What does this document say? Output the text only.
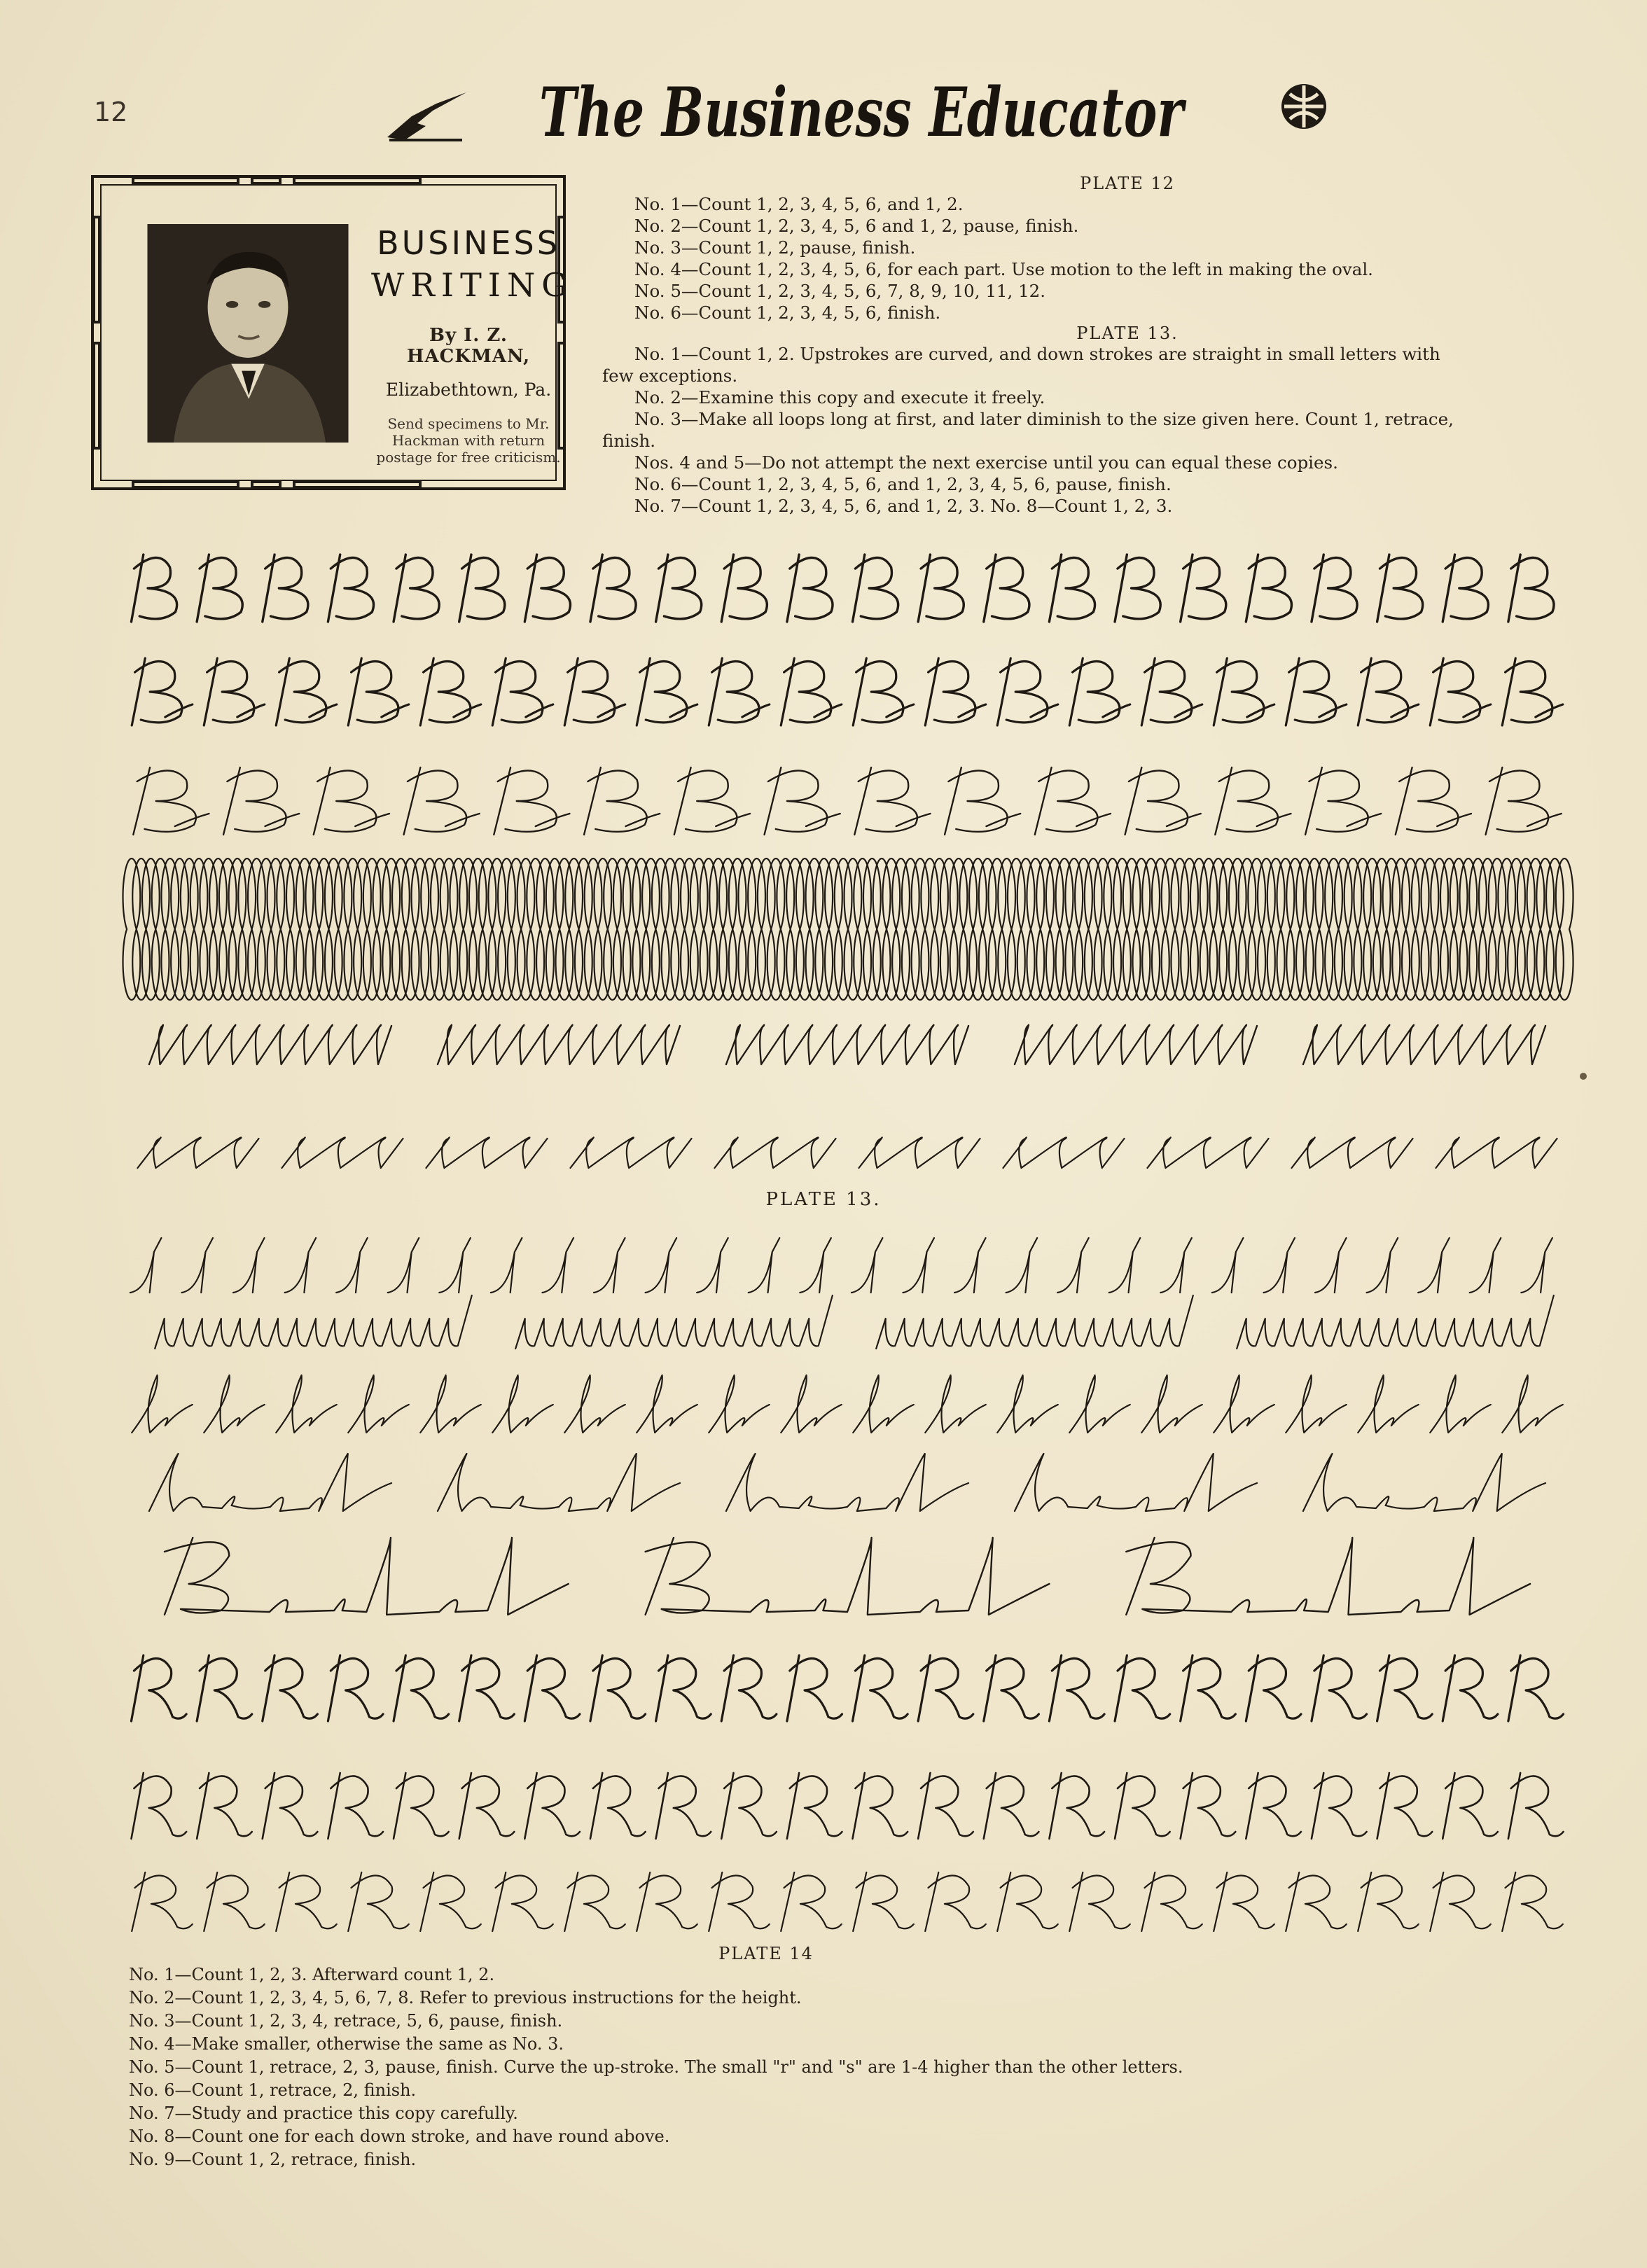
12	The Business Educator
BUSINESS
WRITING
By I. Z. HACKMAN,
Elizabethtown, Pa.
Send specimens to Mr. Hackman with return postage for free criticism.
PLATE 12
No. 1—Count 1, 2, 3, 4, 5, 6, and 1, 2.
No. 2—Count 1, 2, 3, 4, 5, 6 and 1, 2, pause, finish.
No. 3—Count 1, 2, pause, finish.
No. 4—Count 1, 2, 3, 4, 5, 6, for each part. Use motion to the left in making the oval.
No. 5—Count 1, 2, 3, 4, 5, 6, 7, 8, 9, 10, 11, 12.
No. 6—Count 1, 2, 3, 4, 5, 6, finish.
PLATE 13.
No. 1—Count 1, 2. Upstrokes are curved, and down strokes are straight in small letters with
few exceptions.
No. 2—Examine this copy and execute it freely.
No. 3—Make all loops long at first, and later diminish to the size given here. Count 1, retrace,
finish.
Nos. 4 and 5—Do not attempt the next exercise until you can equal these copies.
No. 6—Count 1, 2, 3, 4, 5, 6, and 1, 2, 3, 4, 5, 6, pause, finish.
No. 7—Count 1, 2, 3, 4, 5, 6, and 1, 2, 3. No. 8—Count 1, 2, 3.
PLATE 13.
PLATE 14
No. 1—Count 1, 2, 3. Afterward count 1, 2.
No. 2—Count 1, 2, 3, 4, 5, 6, 7, 8. Refer to previous instructions for the height.
No. 3—Count 1, 2, 3, 4, retrace, 5, 6, pause, finish.
No. 4—Make smaller, otherwise the same as No. 3.
No. 5—Count 1, retrace, 2, 3, pause, finish. Curve the up-stroke. The small "r" and "s" are 1-4 higher than the other letters.
No. 6—Count 1, retrace, 2, finish.
No. 7—Study and practice this copy carefully.
No. 8—Count one for each down stroke, and have round above.
No. 9—Count 1, 2, retrace, finish.
